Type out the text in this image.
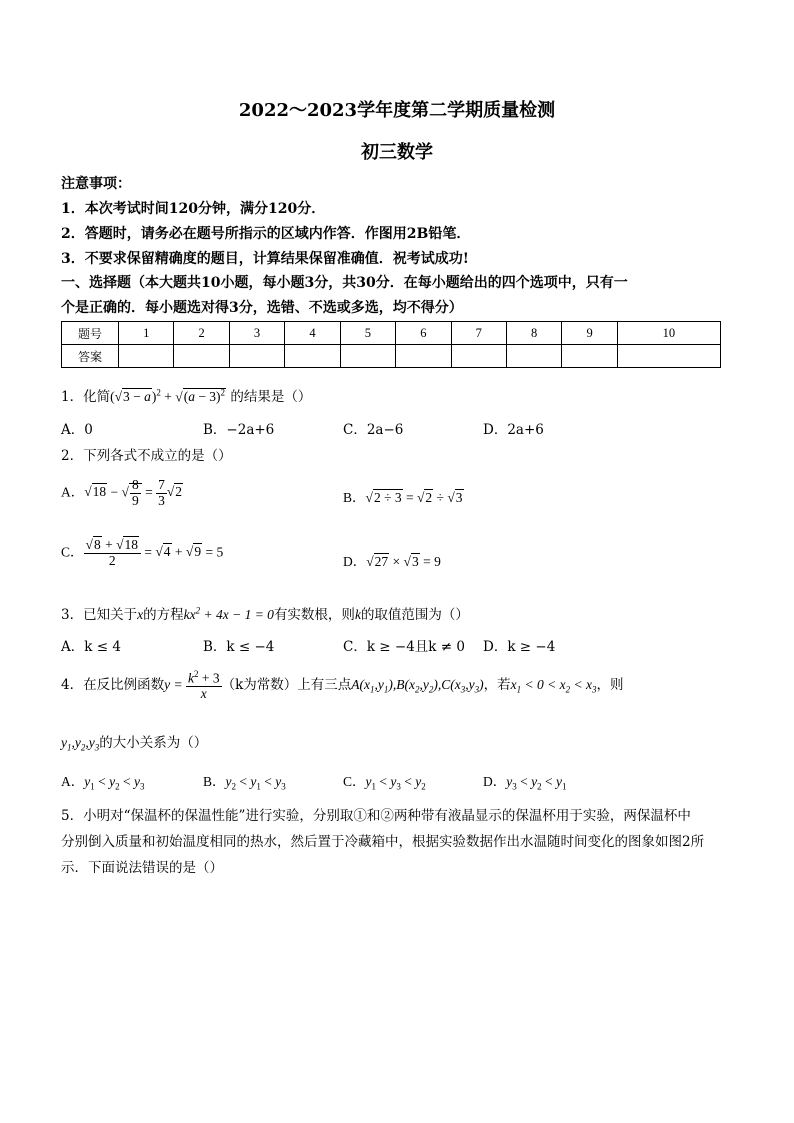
2022～2023学年度第二学期质量检测
初三数学
注意事项：
1．本次考试时间120分钟，满分120分．
2．答题时，请务必在题号所指示的区域内作答．作图用2B铅笔．
3．不要求保留精确度的题目，计算结果保留准确值．祝考试成功!
一、选择题（本大题共10小题，每小题3分，共30分．在每小题给出的四个选项中，只有一
个是正确的．每小题选对得3分，选错、不选或多选，均不得分）
题号	1	2	3	4	5	6	7	8	9	10
答案										
1．化简$(√3 - a)^2 + √(a - 3)^2$ 的结果是（）
A．0	B．−2a+6	C．2a−6	D．2a+6
2．下列各式不成立的是（）
A．√18 − √ $\frac{8}{9} = \frac{7}{3} √2$	B．√2 ÷ 3 = √2 ÷ √3
C． $\frac{√8 + √18}{2} = √4 + √9 = 5$
D．√27 × √3 = 9
3．已知关于x的方程$kx^2 + 4x - 1 = 0$有实数根，则k的取值范围为（）
A．k ≤ 4	B．k ≤ −4	C．k ≥ −4且k ≠ 0 D．k ≥ −4
4．在反比例函数$y = \frac{k^2 + 3}{x} (k$为常数）上有三点$A(x_1,y_1),B(x_2,y_2),C(x_3,y_3)$，若$x_1 < 0 < x_2 < x_3$，则
$y_1,y_2,y_3$的大小关系为（）
A．$y_1 < y_2 < y_3$	B．$y_2 < y_1 < y_3$	C．$y_1 < y_3 < y_2$	D．$y_3 < y_2 < y_1$
5．小明对“保温杯的保温性能”进行实验，分别取①和②两种带有液晶显示的保温杯用于实验，两保温杯中
分别倒入质量和初始温度相同的热水，然后置于冷藏箱中，根据实验数据作出水温随时间变化的图象如图2所
示．下面说法错误的是（）
